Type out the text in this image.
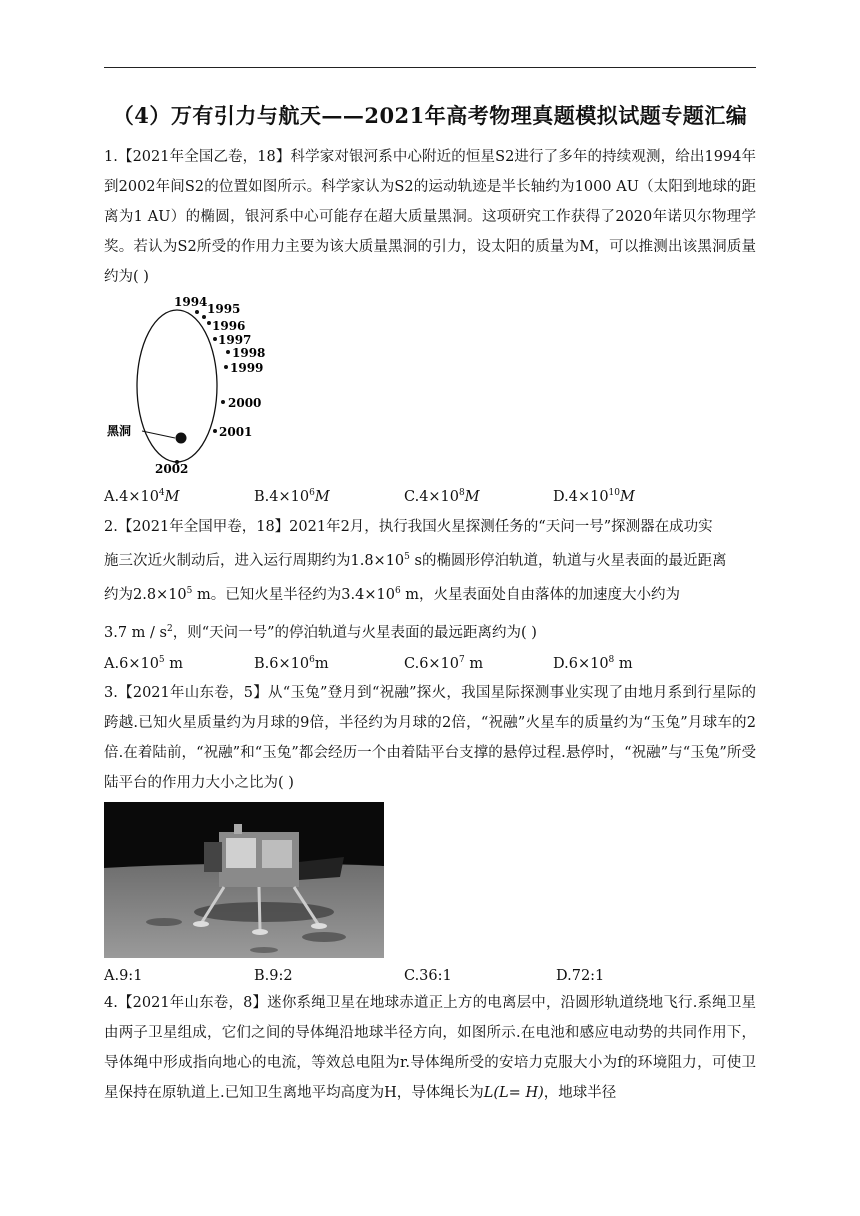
（4）万有引力与航天——2021年高考物理真题模拟试题专题汇编

1.【2021年全国乙卷，18】科学家对银河系中心附近的恒星S2进行了多年的持续观测，给出1994年到2002年间S2的位置如图所示。科学家认为S2的运动轨迹是半长轴约为1000 AU（太阳到地球的距离为1 AU）的椭圆，银河系中心可能存在超大质量黑洞。这项研究工作获得了2020年诺贝尔物理学奖。若认为S2所受的作用力主要为该大质量黑洞的引力，设太阳的质量为M，可以推测出该黑洞质量约为( )

黑洞
1994 1995
1996
1997
1998
1999
2000
2001
2002
$A.4\times 10^4M$	$B.4\times 10^6M$	$C.4\times 10^8M$	$D.4\times 10^{10}M$

2.【2021年全国甲卷，18】2021年2月，执行我国火星探测任务的“天问一号”探测器在成功实

施三次近火制动后，进入运行周期约为$1.8\times 10^5$ s的椭圆形停泊轨道，轨道与火星表面的最近距离

约为$2.8\times 10^5$ m。已知火星半径约为$3.4\times 10^6$ m，火星表面处自由落体的加速度大小约为

3.7 m / $s^2$，则“天问一号”的停泊轨道与火星表面的最远距离约为( )

$A.6\times 10^5$ m	$B.6\times 10^6m$	$C.6\times 10^7$ m	$D.6\times 10^8$ m

3.【2021年山东卷，5】从“玉兔”登月到“祝融”探火，我国星际探测事业实现了由地月系到行星际的跨越.已知火星质量约为月球的9倍，半径约为月球的2倍，“祝融”火星车的质量约为“玉兔”月球车的2倍.在着陆前，“祝融”和“玉兔”都会经历一个由着陆平台支撑的悬停过程.悬停时，“祝融”与“玉兔”所受陆平台的作用力大小之比为( )

A.9:1	B.9:2	C.36:1	D.72:1

4.【2021年山东卷，8】迷你系绳卫星在地球赤道正上方的电离层中，沿圆形轨道绕地飞行.系绳卫星由两子卫星组成，它们之间的导体绳沿地球半径方向，如图所示.在电池和感应电动势的共同作用下，导体绳中形成指向地心的电流，等效总电阻为r.导体绳所受的安培力克服大小为f的环境阻力，可使卫星保持在原轨道上.已知卫生离地平均高度为H，导体绳长为L(L= H)，地球半径
